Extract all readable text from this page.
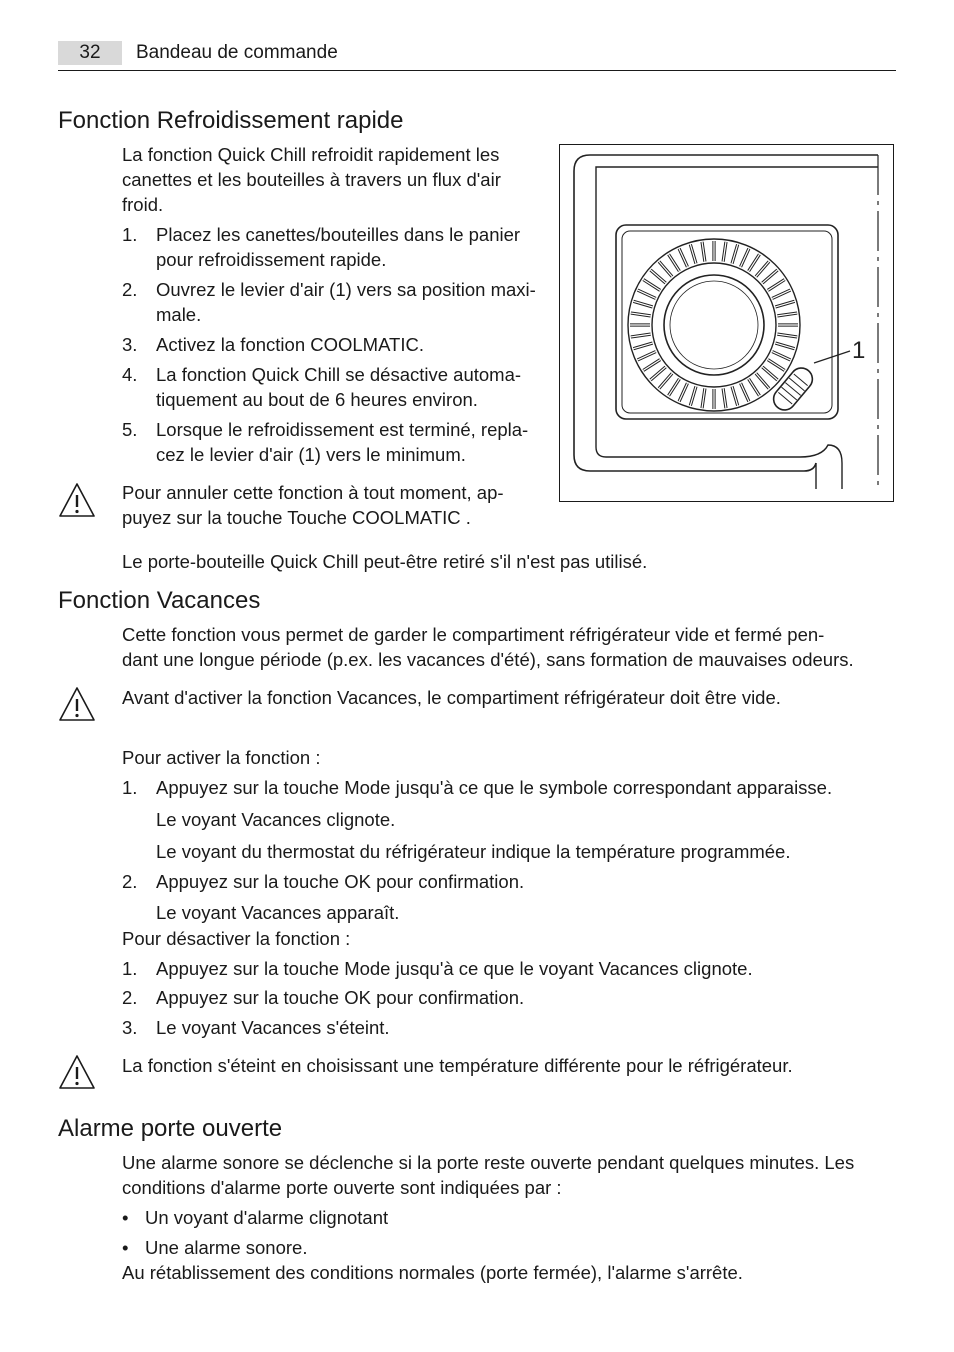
32	Bandeau de commande
Fonction Refroidissement rapide

La fonction Quick Chill refroidit rapidement les

canettes et les bouteilles à travers un flux d'air

froid.

1.	Placez les canettes/bouteilles dans le panier

pour refroidissement rapide.

2.	Ouvrez le levier d'air (1) vers sa position maxi-

male.

3.	Activez la fonction COOLMATIC.

4.	La fonction Quick Chill se désactive automa-

tiquement au bout de 6 heures environ.

5.	Lorsque le refroidissement est terminé, repla-

cez le levier d'air (1) vers le minimum.

Pour annuler cette fonction à tout moment, ap-

puyez sur la touche Touche COOLMATIC .

Le porte-bouteille Quick Chill peut-être retiré s'il n'est pas utilisé.

1
Fonction Vacances

Cette fonction vous permet de garder le compartiment réfrigérateur vide et fermé pen-

dant une longue période (p.ex. les vacances d'été), sans formation de mauvaises odeurs.

Avant d'activer la fonction Vacances, le compartiment réfrigérateur doit être vide.

Pour activer la fonction :

1.	Appuyez sur la touche Mode jusqu'à ce que le symbole correspondant apparaisse.

Le voyant Vacances clignote.

Le voyant du thermostat du réfrigérateur indique la température programmée.

2.	Appuyez sur la touche OK pour confirmation.

Le voyant Vacances apparaît.

Pour désactiver la fonction :

1.	Appuyez sur la touche Mode jusqu'à ce que le voyant Vacances clignote.

2.	Appuyez sur la touche OK pour confirmation.

3.	Le voyant Vacances s'éteint.

La fonction s'éteint en choisissant une température différente pour le réfrigérateur.

Alarme porte ouverte

Une alarme sonore se déclenche si la porte reste ouverte pendant quelques minutes. Les

conditions d'alarme porte ouverte sont indiquées par :

• Un voyant d'alarme clignotant

• Une alarme sonore.

Au rétablissement des conditions normales (porte fermée), l'alarme s'arrête.
